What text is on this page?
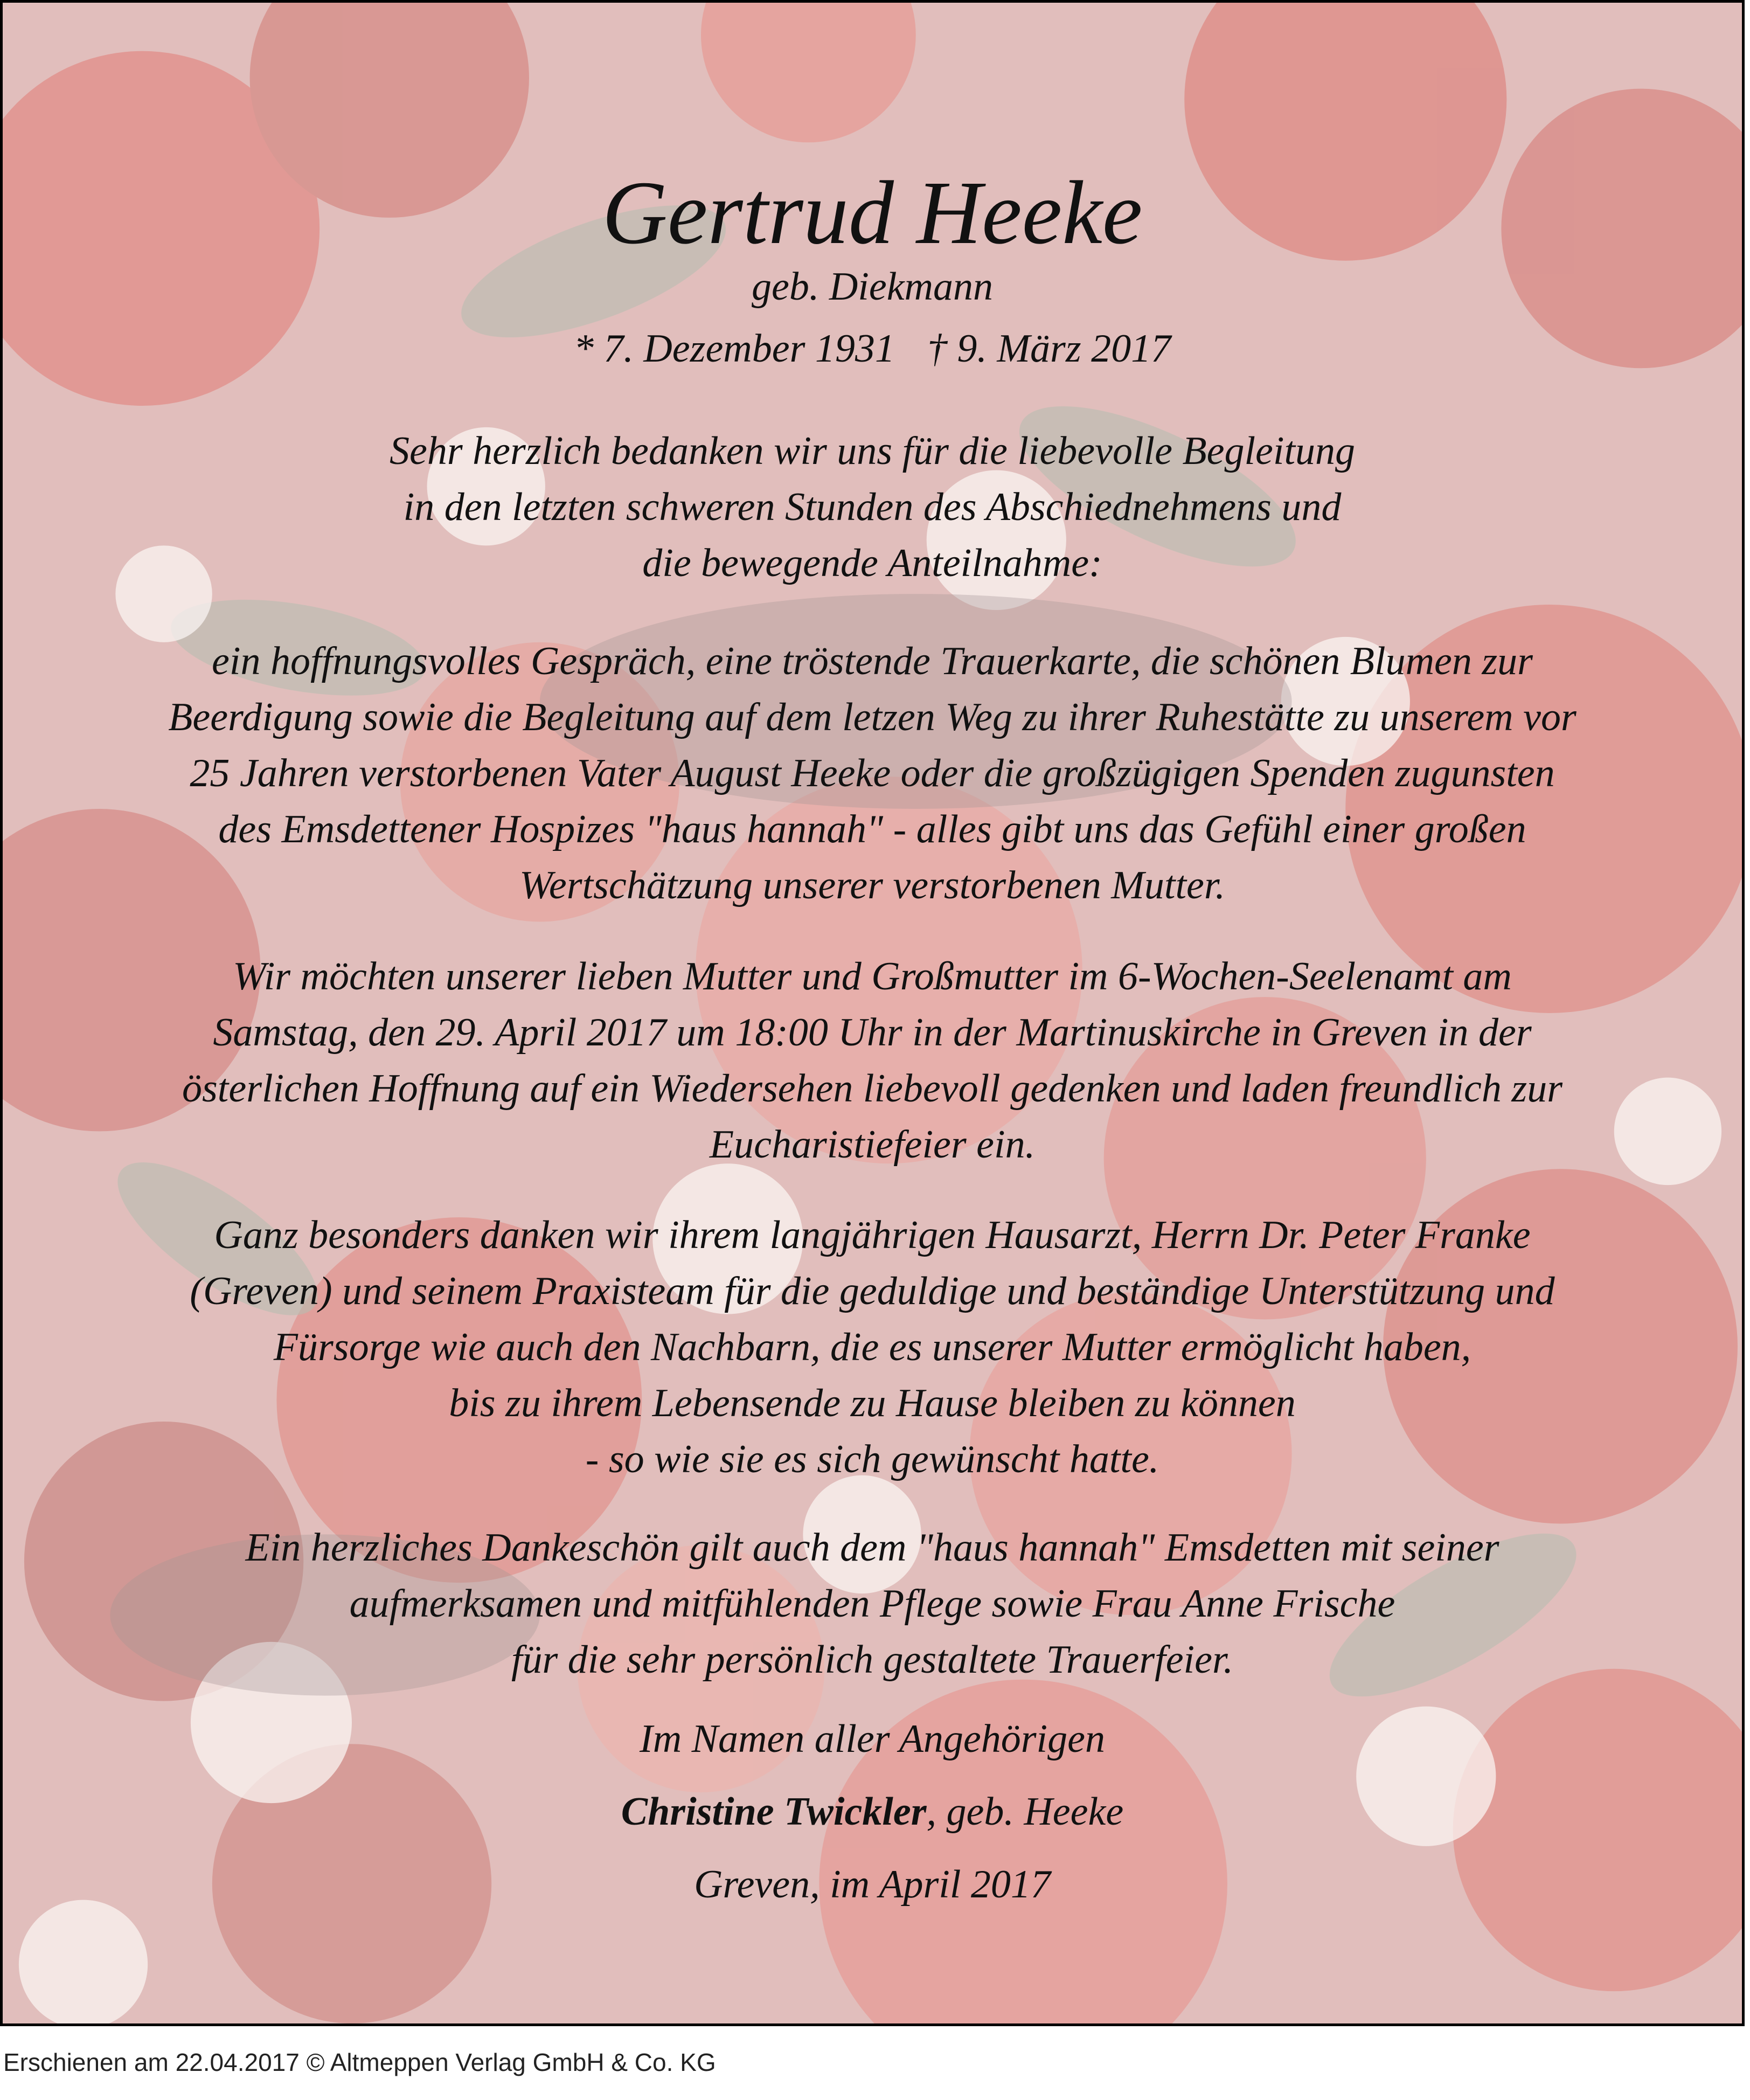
Gertrud Heeke

geb. Diekmann

* 7. Dezember 1931 † 9. März 2017

Sehr herzlich bedanken wir uns für die liebevolle Begleitung
in den letzten schweren Stunden des Abschiednehmens und
die bewegende Anteilnahme:

ein hoffnungsvolles Gespräch, eine tröstende Trauerkarte, die schönen Blumen zur
Beerdigung sowie die Begleitung auf dem letzen Weg zu ihrer Ruhestätte zu unserem vor
25 Jahren verstorbenen Vater August Heeke oder die großzügigen Spenden zugunsten
des Emsdettener Hospizes "haus hannah" - alles gibt uns das Gefühl einer großen
Wertschätzung unserer verstorbenen Mutter.

Wir möchten unserer lieben Mutter und Großmutter im 6-Wochen-Seelenamt am
Samstag, den 29. April 2017 um 18:00 Uhr in der Martinuskirche in Greven in der
österlichen Hoffnung auf ein Wiedersehen liebevoll gedenken und laden freundlich zur
Eucharistiefeier ein.

Ganz besonders danken wir ihrem langjährigen Hausarzt, Herrn Dr. Peter Franke
(Greven) und seinem Praxisteam für die geduldige und beständige Unterstützung und
Fürsorge wie auch den Nachbarn, die es unserer Mutter ermöglicht haben,
bis zu ihrem Lebensende zu Hause bleiben zu können
- so wie sie es sich gewünscht hatte.

Ein herzliches Dankeschön gilt auch dem "haus hannah" Emsdetten mit seiner
aufmerksamen und mitfühlenden Pflege sowie Frau Anne Frische
für die sehr persönlich gestaltete Trauerfeier.

Im Namen aller Angehörigen

Christine Twickler, geb. Heeke

Greven, im April 2017

Erschienen am 22.04.2017 © Altmeppen Verlag GmbH & Co. KG
